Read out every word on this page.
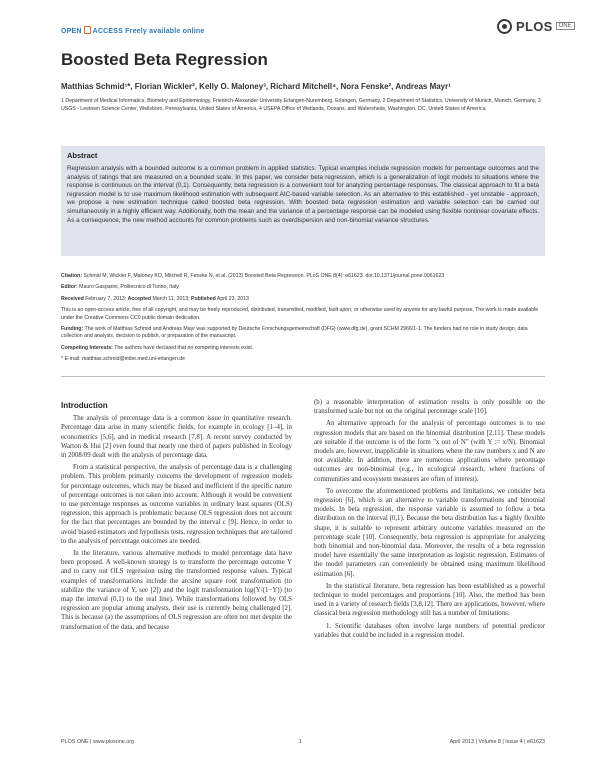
OPEN ACCESS Freely available online	PLOS	ONE
Boosted Beta Regression
Matthias Schmid¹*, Florian Wickler², Kelly O. Maloney³, Richard Mitchell⁴, Nora Fenske², Andreas Mayr¹
1 Department of Medical Informatics, Biometry and Epidemiology, Friedrich-Alexander University Erlangen-Nuremberg, Erlangen, Germany, 2 Department of Statistics, University of Munich, Munich, Germany, 3 USGS - Leetown Science Center, Wellsboro, Pennsylvania, United States of America, 4 USEPA Office of Wetlands, Oceans, and Watersheds, Washington, DC, United States of America
Abstract

Regression analysis with a bounded outcome is a common problem in applied statistics. Typical examples include regression models for percentage outcomes and the analysis of ratings that are measured on a bounded scale. In this paper, we consider beta regression, which is a generalization of logit models to situations where the response is continuous on the interval (0,1). Consequently, beta regression is a convenient tool for analyzing percentage responses. The classical approach to fit a beta regression model is to use maximum likelihood estimation with subsequent AIC-based variable selection. As an alternative to this established - yet unstable - approach, we propose a new estimation technique called boosted beta regression. With boosted beta regression estimation and variable selection can be carried out simultaneously in a highly efficient way. Additionally, both the mean and the variance of a percentage response can be modeled using flexible nonlinear covariate effects. As a consequence, the new method accounts for common problems such as overdispersion and non-binomial variance structures.

Citation: Schmid M, Wickler F, Maloney KO, Mitchell R, Fenske N, et al. (2013) Boosted Beta Regression. PLoS ONE 8(4): e61623. doi:10.1371/journal.pone.0061623

Editor: Mauro Gasparini, Politecnico di Torino, Italy

Received February 7, 2013; Accepted March 11, 2013; Published April 23, 2013

This is an open-access article, free of all copyright, and may be freely reproduced, distributed, transmitted, modified, built upon, or otherwise used by anyone for any lawful purpose. The work is made available under the Creative Commons CC0 public domain dedication.

Funding: The work of Matthias Schmid and Andreas Mayr was supported by Deutsche Forschungsgemeinschaft (DFG) (www.dfg.de), grant SCHM 2966/1-1. The funders had no role in study design, data collection and analysis, decision to publish, or preparation of the manuscript.

Competing Interests: The authors have declared that no competing interests exist.

* E-mail: matthias.schmid@imbe.med.uni-erlangen.de

Introduction

The analysis of percentage data is a common issue in quantitative research. Percentage data arise in many scientific fields, for example in ecology [1–4], in econometrics [5,6], and in medical research [7,8]. A recent survey conducted by Warton & Hui [2] even found that nearly one third of papers published in Ecology in 2008/09 dealt with the analysis of percentage data.

From a statistical perspective, the analysis of percentage data is a challenging problem. This problem primarily concerns the development of regression models for percentage outcomes, which may be biased and inefficient if the specific nature of percentage outcomes is not taken into account. Although it would be convenient to use percentage responses as outcome variables in ordinary least squares (OLS) regression, this approach is problematic because OLS regression does not account for the fact that percentages are bounded by the interval c [9]. Hence, in order to avoid biased estimators and hypothesis tests, regression techniques that are tailored to the analysis of percentage outcomes are needed.

In the literature, various alternative methods to model percentage data have been proposed. A well-known strategy is to transform the percentage outcome Y and to carry out OLS regression using the transformed response values. Typical examples of transformations include the arcsine square root transformation (to stabilize the variance of Y, see [2]) and the logit transformation log(Y/(1−Y)) (to map the interval (0,1) to the real line). While transformations followed by OLS regression are popular among analysts, their use is currently being challenged [2]. This is because (a) the assumptions of OLS regression are often not met despite the transformation of the data, and because

(b) a reasonable interpretation of estimation results is only possible on the transformed scale but not on the original percentage scale [10].

An alternative approach for the analysis of percentage outcomes is to use regression models that are based on the binomial distribution [2,11]. These models are suitable if the outcome is of the form "x out of N" (with Y := x/N). Binomial models are, however, inapplicable in situations where the raw numbers x and N are not available. In addition, there are numerous applications where percentage outcomes are non-binomial (e.g., in ecological research, where fractions of communities and ecosystem measures are often of interest).

To overcome the aforementioned problems and limitations, we consider beta regression [6], which is an alternative to variable transformations and binomial models. In beta regression, the response variable is assumed to follow a beta distribution on the interval (0,1). Because the beta distribution has a highly flexible shape, it is suitable to represent arbitrary outcome variables measured on the percentage scale [10]. Consequently, beta regression is appropriate for analyzing both binomial and non-binomial data. Moreover, the results of a beta regression model have essentially the same interpretation as logistic regression. Estimates of the model parameters can conveniently be obtained using maximum likelihood estimation [6].

In the statistical literature, beta regression has been established as a powerful technique to model percentages and proportions [10]. Also, the method has been used in a variety of research fields [3,8,12]. There are applications, however, where classical beta regression methodology still has a number of limitations:

1. Scientific databases often involve large numbers of potential predictor variables that could be included in a regression model.

PLOS ONE | www.plosone.org	1	April 2013 | Volume 8 | Issue 4 | e61623
